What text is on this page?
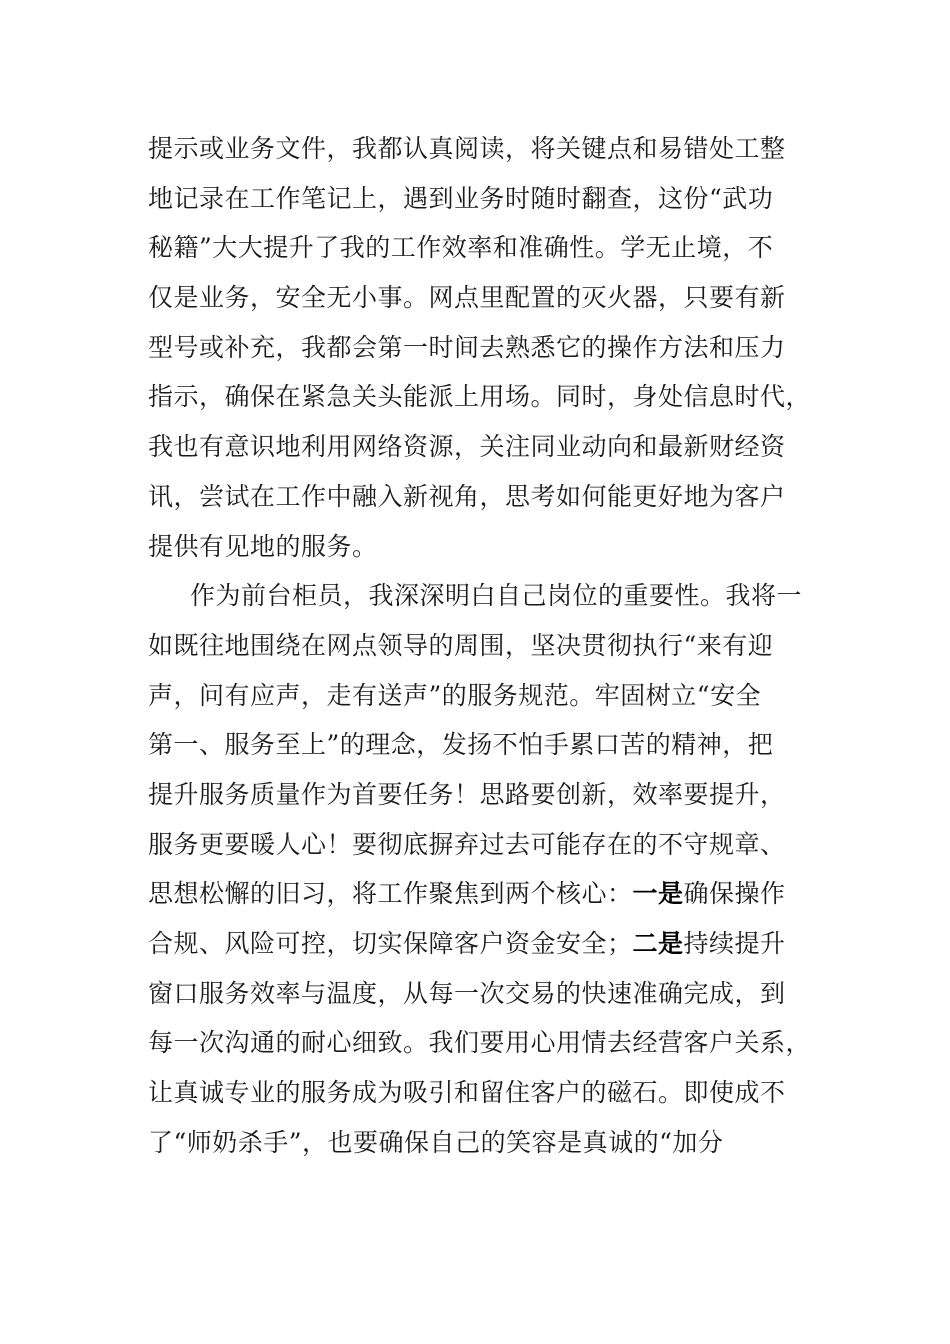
提示或业务文件，我都认真阅读，将关键点和易错处工整
地记录在工作笔记上，遇到业务时随时翻查，这份“武功
秘籍”大大提升了我的工作效率和准确性。学无止境，不
仅是业务，安全无小事。网点里配置的灭火器，只要有新
型号或补充，我都会第一时间去熟悉它的操作方法和压力
指示，确保在紧急关头能派上用场。同时，身处信息时代，
我也有意识地利用网络资源，关注同业动向和最新财经资
讯，尝试在工作中融入新视角，思考如何能更好地为客户
提供有见地的服务。
作为前台柜员，我深深明白自己岗位的重要性。我将一
如既往地围绕在网点领导的周围，坚决贯彻执行“来有迎
声，问有应声，走有送声”的服务规范。牢固树立“安全
第一、服务至上”的理念，发扬不怕手累口苦的精神，把
提升服务质量作为首要任务！思路要创新，效率要提升，
服务更要暖人心！要彻底摒弃过去可能存在的不守规章、
思想松懈的旧习，将工作聚焦到两个核心：一是确保操作
合规、风险可控，切实保障客户资金安全；二是持续提升
窗口服务效率与温度，从每一次交易的快速准确完成，到
每一次沟通的耐心细致。我们要用心用情去经营客户关系，
让真诚专业的服务成为吸引和留住客户的磁石。即使成不
了“师奶杀手”，也要确保自己的笑容是真诚的“加分
